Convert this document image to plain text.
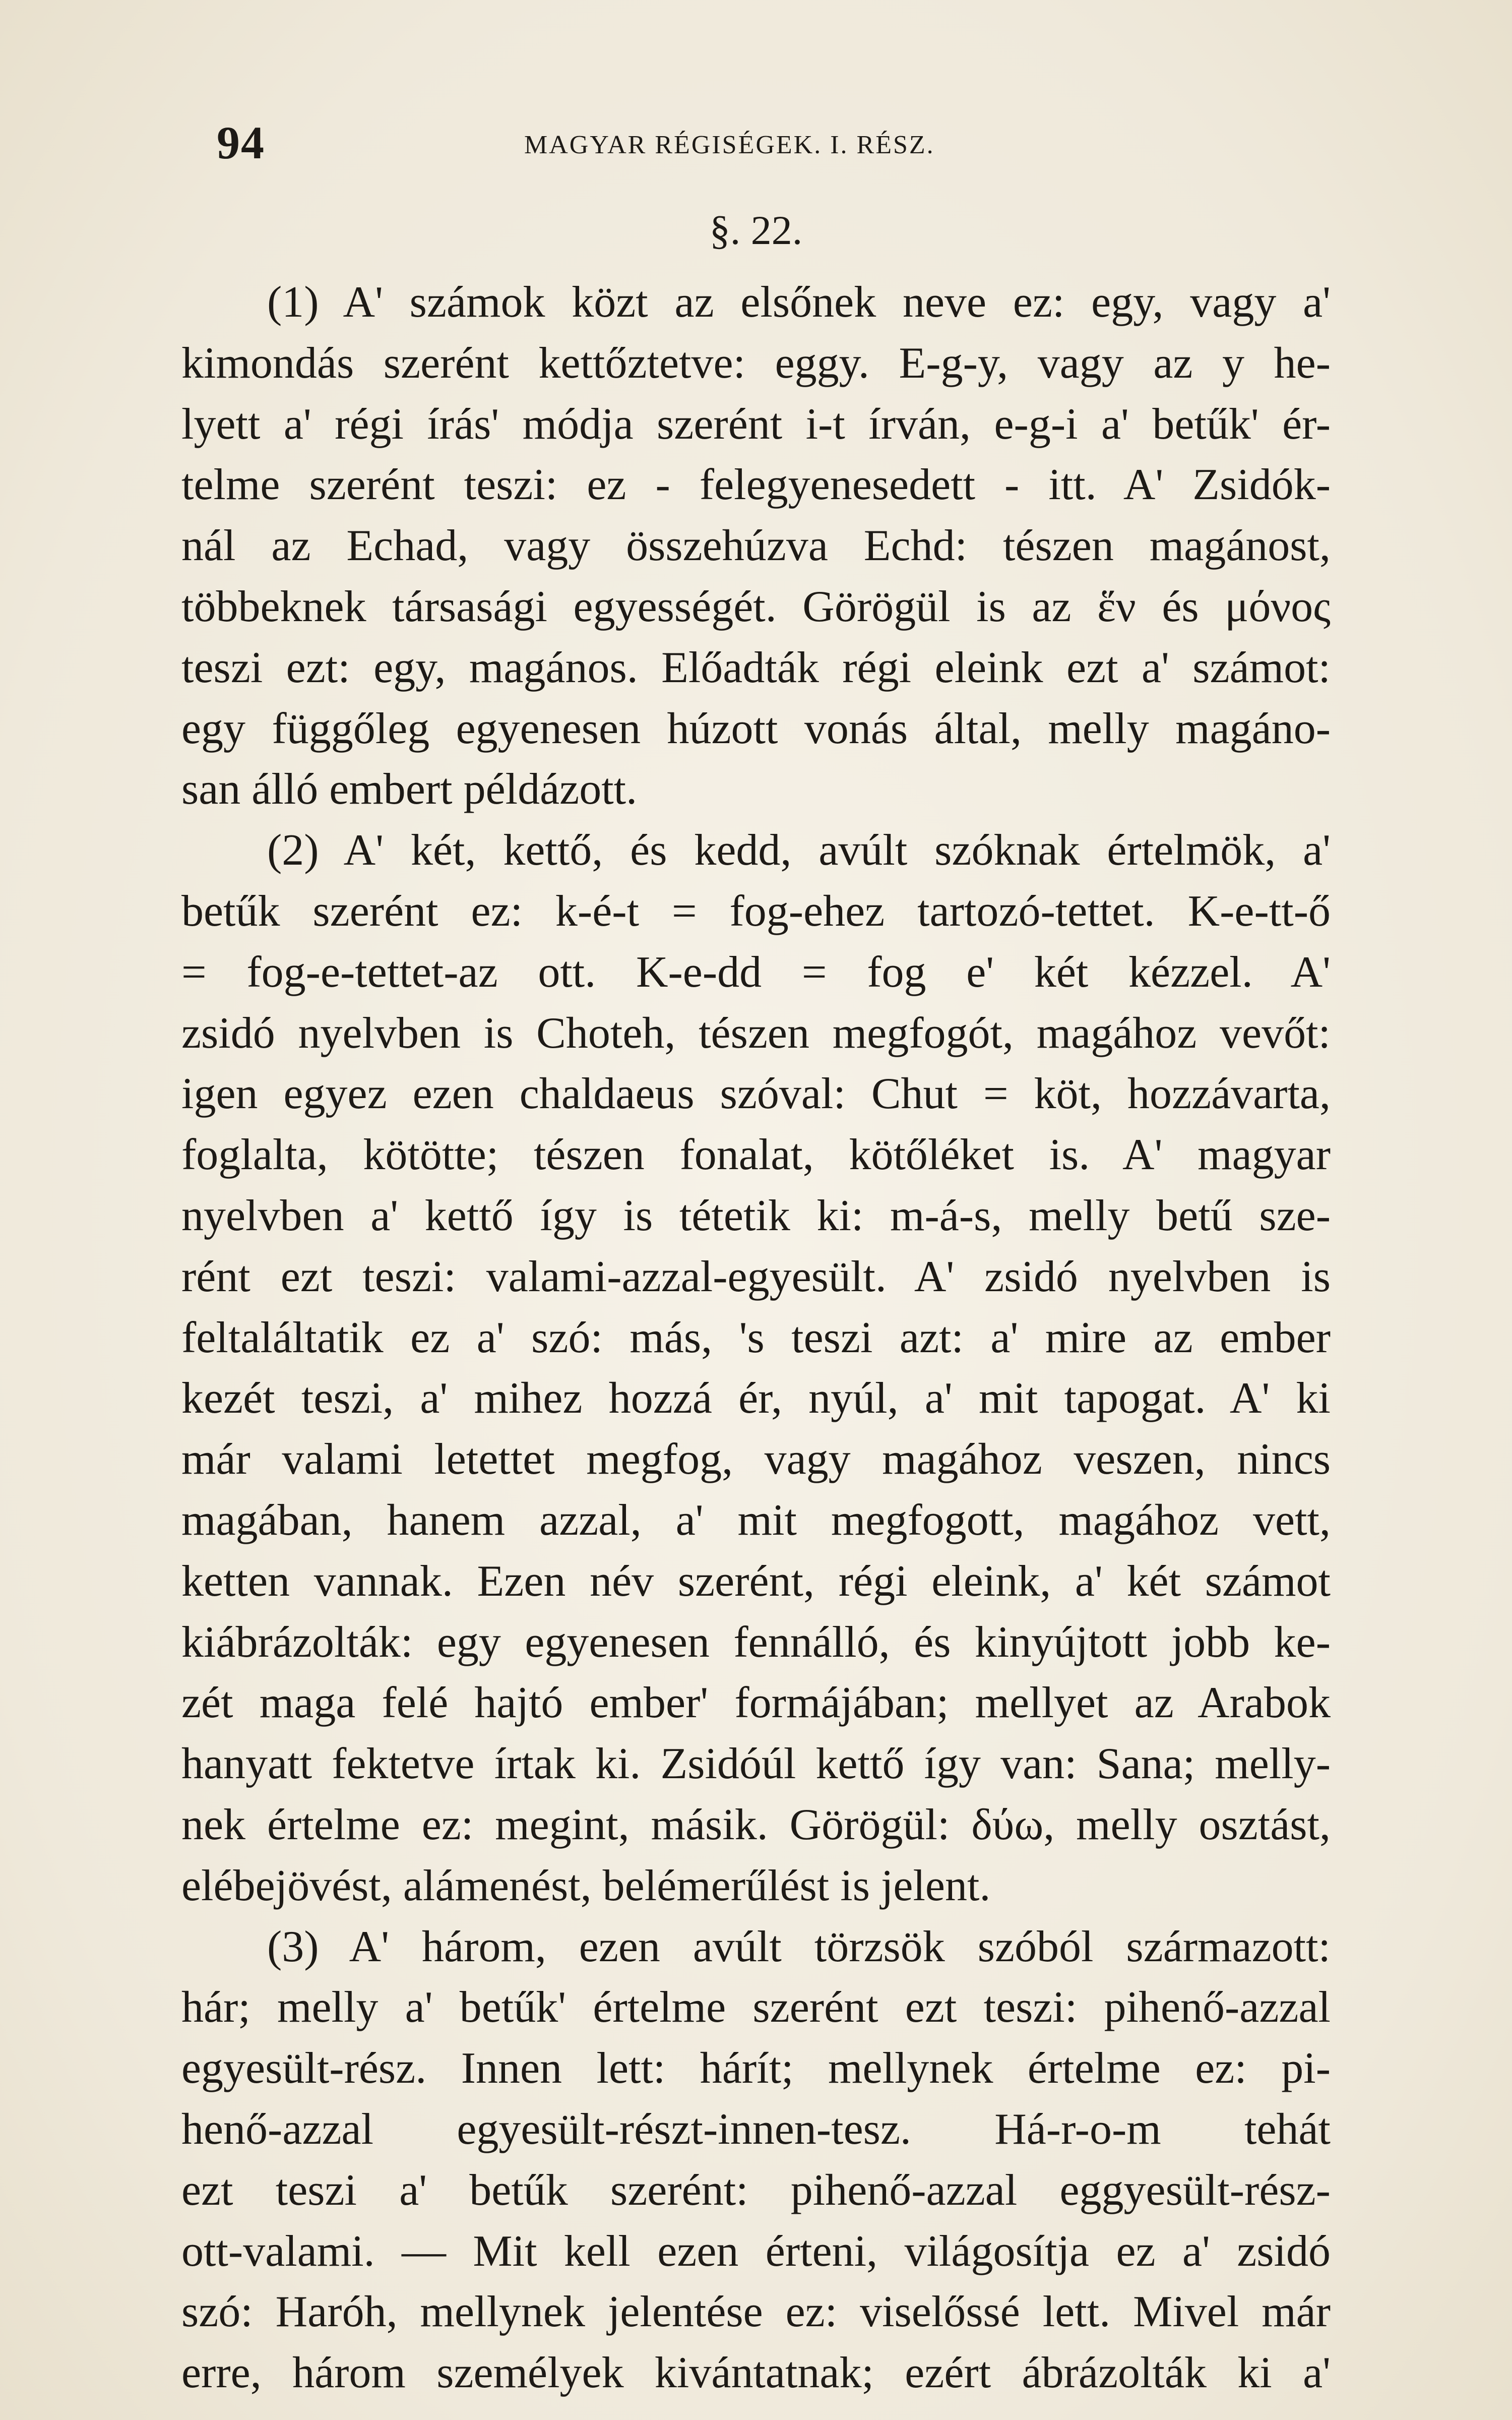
94	MAGYAR RÉGISÉGEK. I. RÉSZ.
§. 22.
(1) A' számok közt az elsőnek neve ez: egy, vagy a'
kimondás szerént kettőztetve: eggy. E-g-y, vagy az y he-
lyett a' régi írás' módja szerént i-t írván, e-g-i a' betűk' ér-
telme szerént teszi: ez - felegyenesedett - itt. A' Zsidók-
nál az Echad, vagy összehúzva Echd: tészen magánost,
többeknek társasági egyességét. Görögül is az ἕν és μόνος
teszi ezt: egy, magános. Előadták régi eleink ezt a' számot:
egy függőleg egyenesen húzott vonás által, melly magáno-
san álló embert példázott.
(2) A' két, kettő, és kedd, avúlt szóknak értelmök, a'
betűk szerént ez: k-é-t = fog-ehez tartozó-tettet. K-e-tt-ő
= fog-e-tettet-az ott. K-e-dd = fog e' két kézzel. A'
zsidó nyelvben is Choteh, tészen megfogót, magához vevőt:
igen egyez ezen chaldaeus szóval: Chut = köt, hozzávarta,
foglalta, kötötte; tészen fonalat, kötőléket is. A' magyar
nyelvben a' kettő így is tétetik ki: m-á-s, melly betű sze-
rént ezt teszi: valami-azzal-egyesült. A' zsidó nyelvben is
feltaláltatik ez a' szó: más, 's teszi azt: a' mire az ember
kezét teszi, a' mihez hozzá ér, nyúl, a' mit tapogat. A' ki
már valami letettet megfog, vagy magához veszen, nincs
magában, hanem azzal, a' mit megfogott, magához vett,
ketten vannak. Ezen név szerént, régi eleink, a' két számot
kiábrázolták: egy egyenesen fennálló, és kinyújtott jobb ke-
zét maga felé hajtó ember' formájában; mellyet az Arabok
hanyatt fektetve írtak ki. Zsidóúl kettő így van: Sana; melly-
nek értelme ez: megint, másik. Görögül: δύω, melly osztást,
elébejövést, alámenést, belémerűlést is jelent.
(3) A' három, ezen avúlt törzsök szóból származott:
hár; melly a' betűk' értelme szerént ezt teszi: pihenő-azzal
egyesült-rész. Innen lett: hárít; mellynek értelme ez: pi-
henő-azzal egyesült-részt-innen-tesz. Há-r-o-m tehát
ezt teszi a' betűk szerént: pihenő-azzal eggyesült-rész-
ott-valami. — Mit kell ezen érteni, világosítja ez a' zsidó
szó: Haróh, mellynek jelentése ez: viselőssé lett. Mivel már
erre, három személyek kivántatnak; ezért ábrázolták ki a'
